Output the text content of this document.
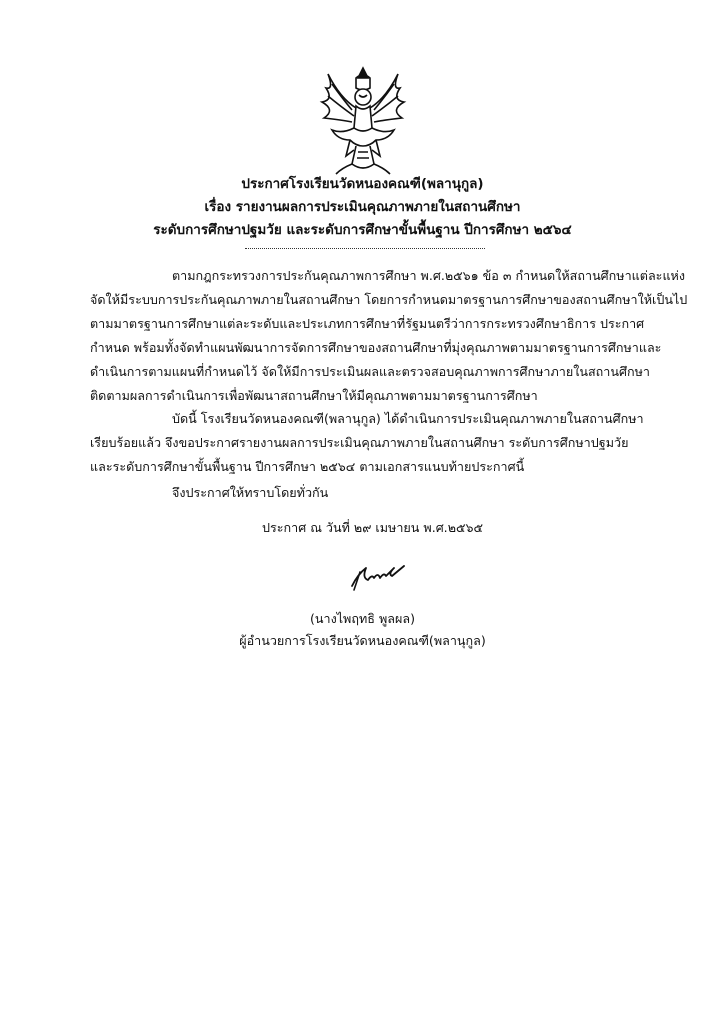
ประกาศโรงเรียนวัดหนองคณฑี(พลานุกูล)
เรื่อง รายงานผลการประเมินคุณภาพภายในสถานศึกษา
ระดับการศึกษาปฐมวัย และระดับการศึกษาขั้นพื้นฐาน ปีการศึกษา ๒๕๖๔
ตามกฎกระทรวงการประกันคุณภาพการศึกษา พ.ศ.๒๕๖๑ ข้อ ๓ กำหนดให้สถานศึกษาแต่ละแห่ง
จัดให้มีระบบการประกันคุณภาพภายในสถานศึกษา โดยการกำหนดมาตรฐานการศึกษาของสถานศึกษาให้เป็นไป
ตามมาตรฐานการศึกษาแต่ละระดับและประเภทการศึกษาที่รัฐมนตรีว่าการกระทรวงศึกษาธิการ ประกาศ
กำหนด พร้อมทั้งจัดทำแผนพัฒนาการจัดการศึกษาของสถานศึกษาที่มุ่งคุณภาพตามมาตรฐานการศึกษาและ
ดำเนินการตามแผนที่กำหนดไว้ จัดให้มีการประเมินผลและตรวจสอบคุณภาพการศึกษาภายในสถานศึกษา
ติดตามผลการดำเนินการเพื่อพัฒนาสถานศึกษาให้มีคุณภาพตามมาตรฐานการศึกษา
บัดนี้ โรงเรียนวัดหนองคณฑี(พลานุกูล) ได้ดำเนินการประเมินคุณภาพภายในสถานศึกษา
เรียบร้อยแล้ว จึงขอประกาศรายงานผลการประเมินคุณภาพภายในสถานศึกษา ระดับการศึกษาปฐมวัย
และระดับการศึกษาขั้นพื้นฐาน ปีการศึกษา ๒๕๖๔ ตามเอกสารแนบท้ายประกาศนี้
จึงประกาศให้ทราบโดยทั่วกัน
ประกาศ ณ วันที่ ๒๙ เมษายน พ.ศ.๒๕๖๕
(นางไพฤทธิ พูลผล)
ผู้อำนวยการโรงเรียนวัดหนองคณฑี(พลานุกูล)
